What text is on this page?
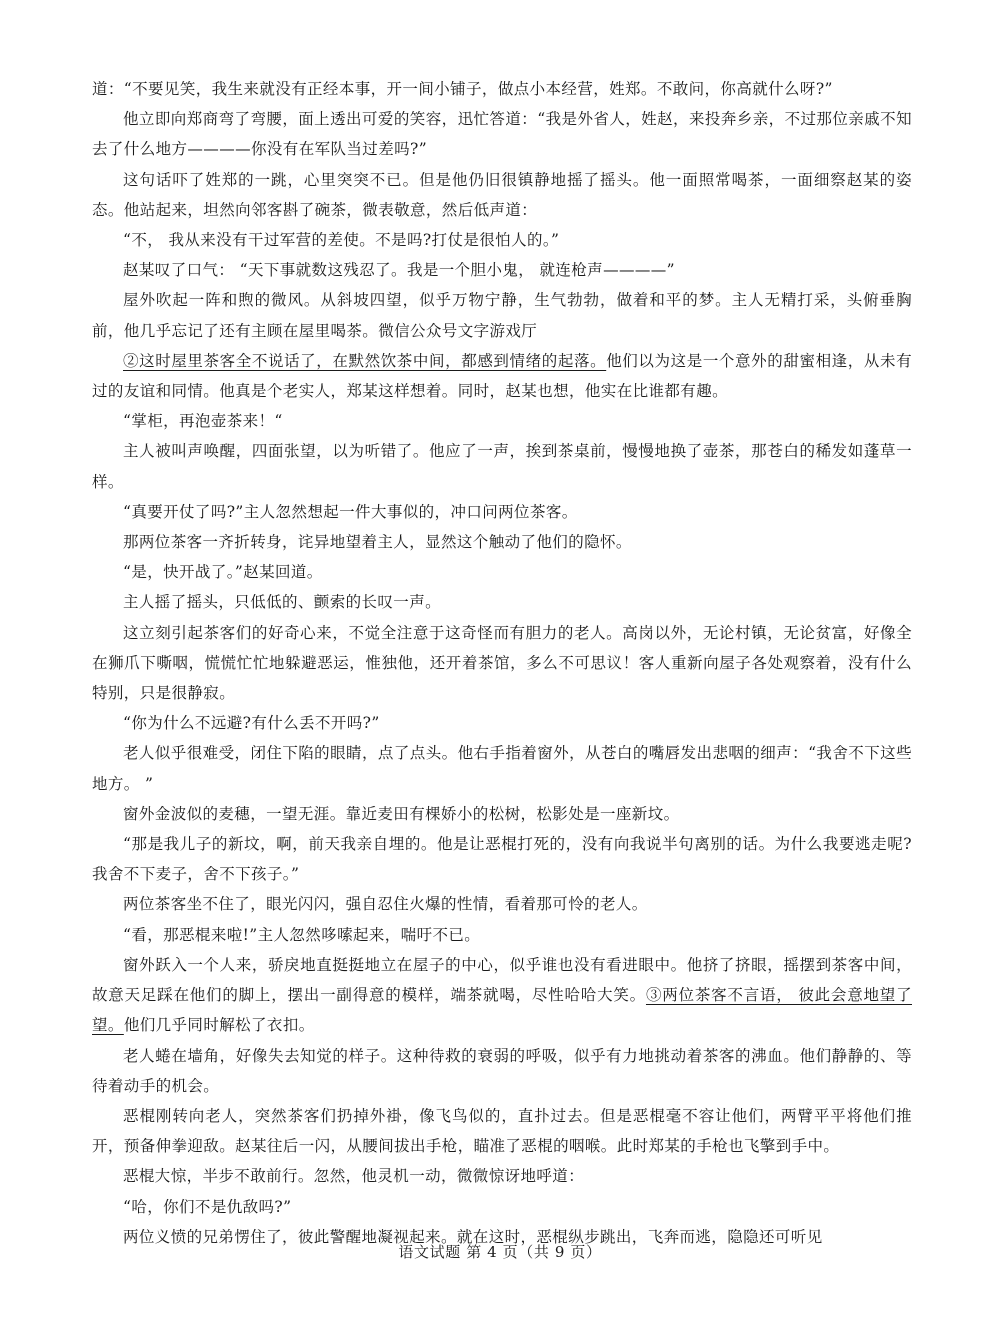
道：“不要见笑，我生来就没有正经本事，开一间小铺子，做点小本经营，姓郑。不敢问，你高就什么呀?”

他立即向郑商弯了弯腰，面上透出可爱的笑容，迅忙答道：“我是外省人，姓赵，来投奔乡亲，不过那位亲戚不知去了什么地方————你没有在军队当过差吗?”

这句话吓了姓郑的一跳，心里突突不已。但是他仍旧很镇静地摇了摇头。他一面照常喝茶，一面细察赵某的姿态。他站起来，坦然向邻客斟了碗茶，微表敬意，然后低声道：

“不， 我从来没有干过军营的差使。不是吗?打仗是很怕人的。”

赵某叹了口气： “天下事就数这残忍了。我是一个胆小鬼， 就连枪声————”

屋外吹起一阵和煦的微风。从斜坡四望，似乎万物宁静，生气勃勃，做着和平的梦。主人无精打采，头俯垂胸前，他几乎忘记了还有主顾在屋里喝茶。微信公众号文字游戏厅

②这时屋里茶客全不说话了，在默然饮茶中间，都感到情绪的起落。他们以为这是一个意外的甜蜜相逢，从未有过的友谊和同情。他真是个老实人，郑某这样想着。同时，赵某也想，他实在比谁都有趣。

“掌柜，再泡壶茶来！“

主人被叫声唤醒，四面张望，以为听错了。他应了一声，挨到茶桌前，慢慢地换了壶茶，那苍白的稀发如蓬草一样。

“真要开仗了吗?”主人忽然想起一件大事似的，冲口问两位茶客。

那两位茶客一齐折转身，诧异地望着主人，显然这个触动了他们的隐怀。

“是，快开战了。”赵某回道。

主人摇了摇头，只低低的、颤索的长叹一声。

这立刻引起茶客们的好奇心来，不觉全注意于这奇怪而有胆力的老人。高岗以外，无论村镇，无论贫富，好像全在狮爪下嘶咽，慌慌忙忙地躲避恶运，惟独他，还开着茶馆，多么不可思议！客人重新向屋子各处观察着，没有什么特别，只是很静寂。

“你为什么不远避?有什么丢不开吗?”

老人似乎很难受，闭住下陷的眼睛，点了点头。他右手指着窗外，从苍白的嘴唇发出悲咽的细声：“我舍不下这些地方。 ”

窗外金波似的麦穗，一望无涯。靠近麦田有棵娇小的松树，松影处是一座新坟。

“那是我儿子的新坟，啊，前天我亲自埋的。他是让恶棍打死的，没有向我说半句离别的话。为什么我要逃走呢?我舍不下麦子，舍不下孩子。”

两位茶客坐不住了，眼光闪闪，强自忍住火爆的性情，看着那可怜的老人。

“看，那恶棍来啦!”主人忽然哆嗦起来，喘吁不已。

窗外跃入一个人来，骄戾地直挺挺地立在屋子的中心，似乎谁也没有看进眼中。他挤了挤眼，摇摆到茶客中间，故意天足踩在他们的脚上，摆出一副得意的模样，端茶就喝，尽性哈哈大笑。③两位茶客不言语， 彼此会意地望了望。他们几乎同时解松了衣扣。

老人蜷在墙角，好像失去知觉的样子。这种待救的衰弱的呼吸，似乎有力地挑动着茶客的沸血。他们静静的、等待着动手的机会。

恶棍刚转向老人，突然茶客们扔掉外褂，像飞鸟似的，直扑过去。但是恶棍毫不容让他们，两臂平平将他们推开，预备伸拳迎敌。赵某往后一闪，从腰间拔出手枪，瞄准了恶棍的咽喉。此时郑某的手枪也飞擎到手中。

恶棍大惊，半步不敢前行。忽然，他灵机一动，微微惊讶地呼道：

“哈，你们不是仇敌吗?”

两位义愤的兄弟愣住了，彼此警醒地凝视起来。就在这时，恶棍纵步跳出，飞奔而逃，隐隐还可听见

语文试题 第 4 页（共 9 页）
